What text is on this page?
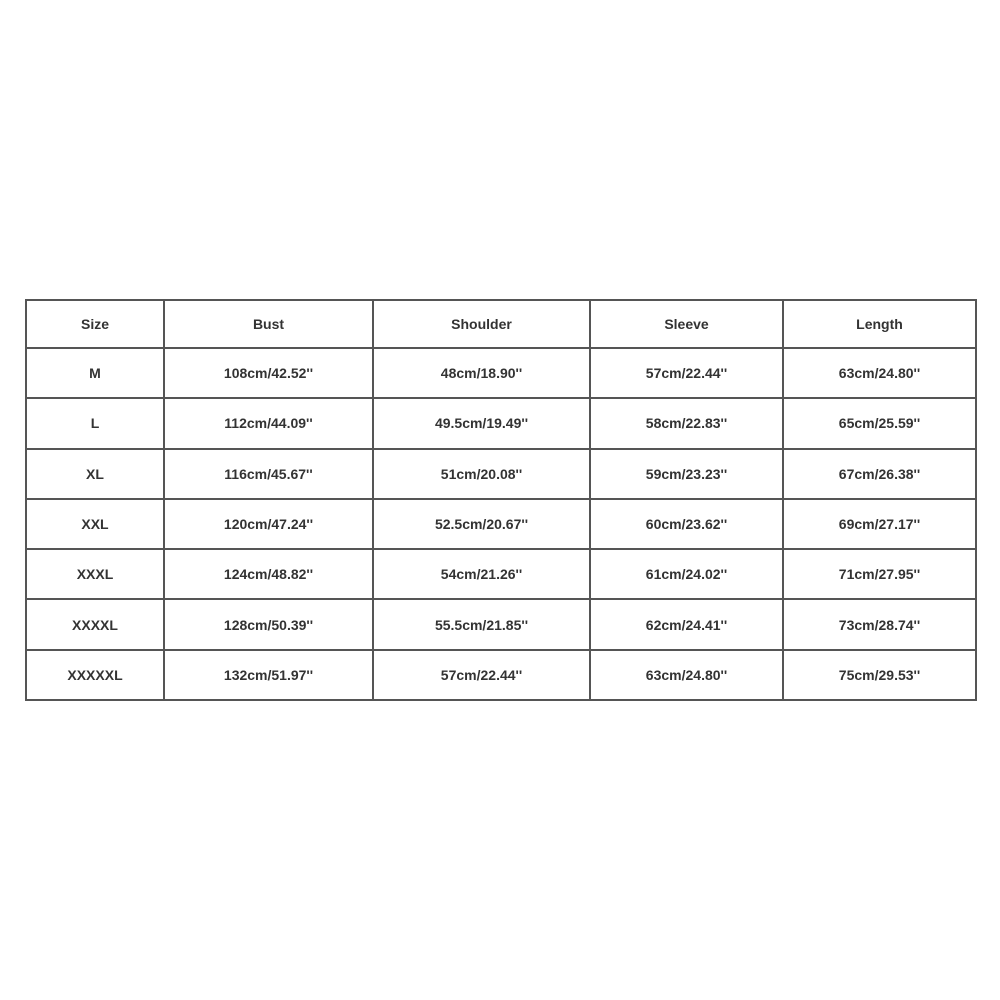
Size	Bust	Shoulder	Sleeve	Length
M	108cm/42.52''	48cm/18.90''	57cm/22.44''	63cm/24.80''
L	112cm/44.09''	49.5cm/19.49''	58cm/22.83''	65cm/25.59''
XL	116cm/45.67''	51cm/20.08''	59cm/23.23''	67cm/26.38''
XXL	120cm/47.24''	52.5cm/20.67''	60cm/23.62''	69cm/27.17''
XXXL	124cm/48.82''	54cm/21.26''	61cm/24.02''	71cm/27.95''
XXXXL	128cm/50.39''	55.5cm/21.85''	62cm/24.41''	73cm/28.74''
XXXXXL	132cm/51.97''	57cm/22.44''	63cm/24.80''	75cm/29.53''
